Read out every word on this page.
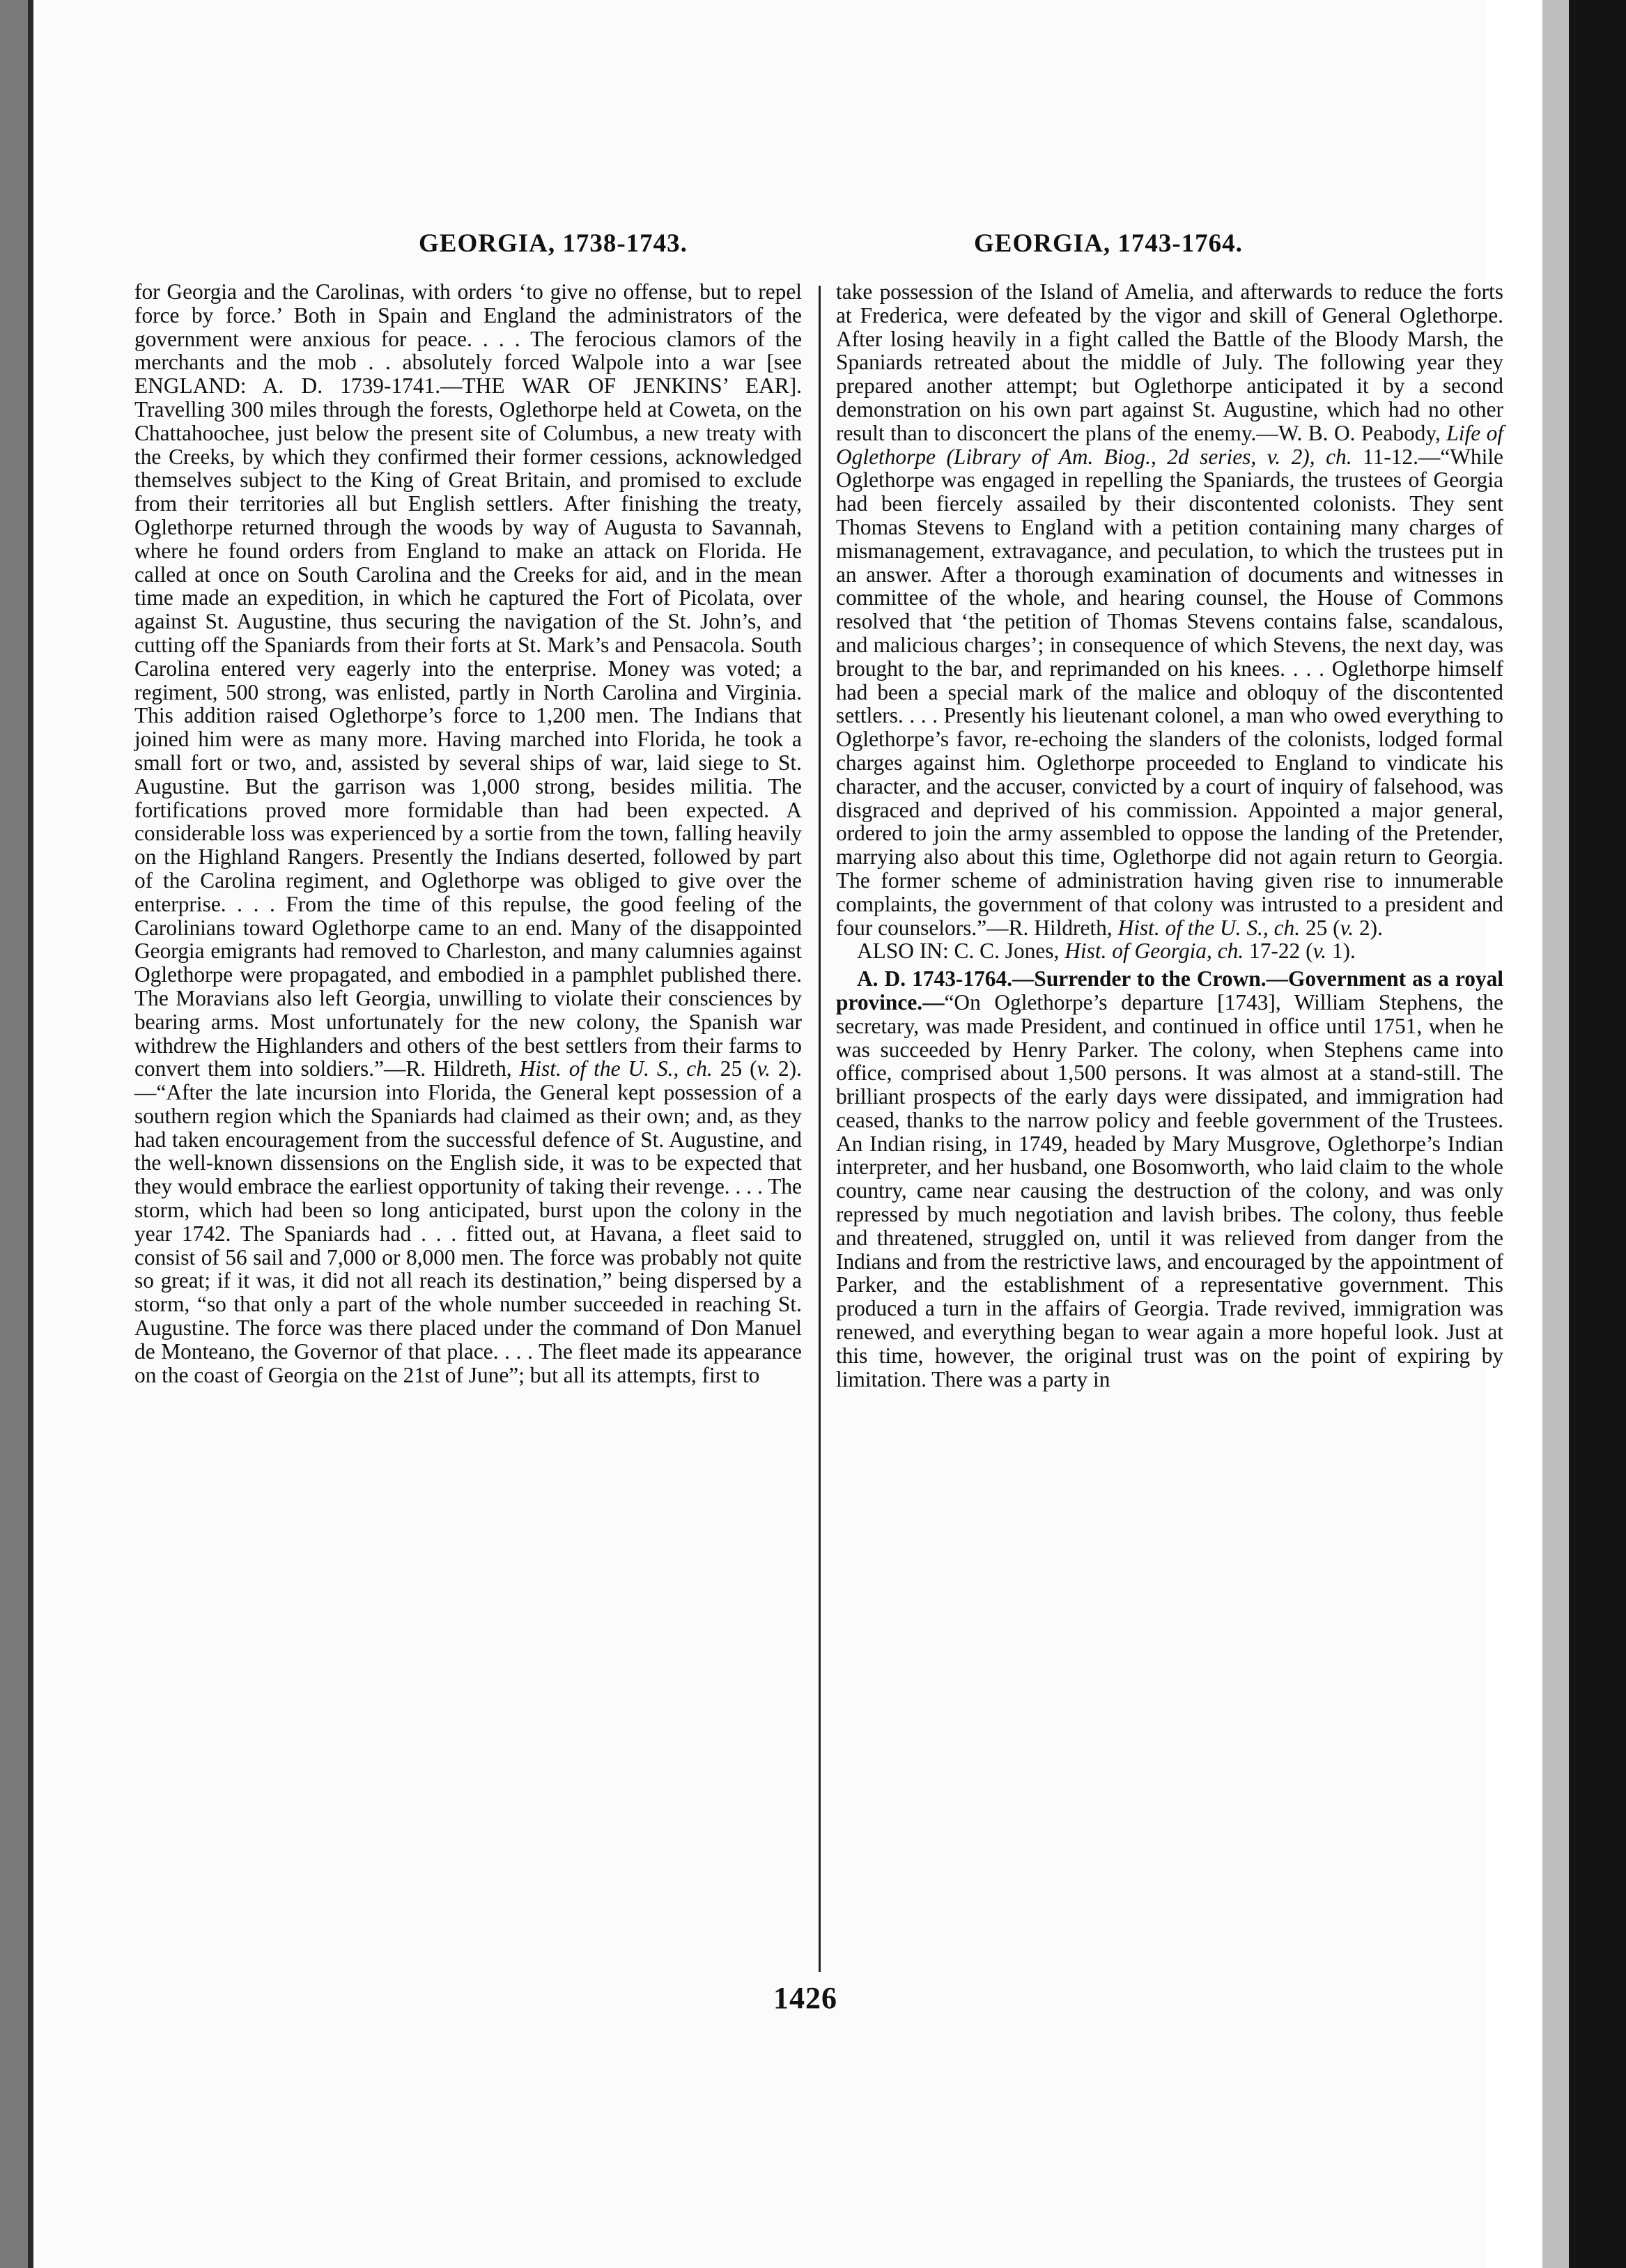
GEORGIA, 1738-1743.	GEORGIA, 1743-1764.

for Georgia and the Carolinas, with orders ‘to give no offense, but to repel force by force.’ Both in Spain and England the administrators of the government were anxious for peace. . . . The ferocious clamors of the merchants and the mob . . absolutely forced Walpole into a war [see ENGLAND: A. D. 1739-1741.—THE WAR OF JENKINS’ EAR]. Travelling 300 miles through the forests, Oglethorpe held at Coweta, on the Chattahoochee, just below the present site of Columbus, a new treaty with the Creeks, by which they confirmed their former cessions, acknowledged themselves subject to the King of Great Britain, and promised to exclude from their territories all but English settlers. After finishing the treaty, Oglethorpe returned through the woods by way of Augusta to Savannah, where he found orders from England to make an attack on Florida. He called at once on South Carolina and the Creeks for aid, and in the mean time made an expedition, in which he captured the Fort of Picolata, over against St. Augustine, thus securing the navigation of the St. John’s, and cutting off the Spaniards from their forts at St. Mark’s and Pensacola. South Carolina entered very eagerly into the enterprise. Money was voted; a regiment, 500 strong, was enlisted, partly in North Carolina and Virginia. This addition raised Oglethorpe’s force to 1,200 men. The Indians that joined him were as many more. Having marched into Florida, he took a small fort or two, and, assisted by several ships of war, laid siege to St. Augustine. But the garrison was 1,000 strong, besides militia. The fortifications proved more formidable than had been expected. A considerable loss was experienced by a sortie from the town, falling heavily on the Highland Rangers. Presently the Indians deserted, followed by part of the Carolina regiment, and Oglethorpe was obliged to give over the enterprise. . . . From the time of this repulse, the good feeling of the Carolinians toward Oglethorpe came to an end. Many of the disappointed Georgia emigrants had removed to Charleston, and many calumnies against Oglethorpe were propagated, and embodied in a pamphlet published there. The Moravians also left Georgia, unwilling to violate their consciences by bearing arms. Most unfortunately for the new colony, the Spanish war withdrew the Highlanders and others of the best settlers from their farms to convert them into soldiers.”—R. Hildreth, Hist. of the U. S., ch. 25 (v. 2).—“After the late incursion into Florida, the General kept possession of a southern region which the Spaniards had claimed as their own; and, as they had taken encouragement from the successful defence of St. Augustine, and the well-known dissensions on the English side, it was to be expected that they would embrace the earliest opportunity of taking their revenge. . . . The storm, which had been so long anticipated, burst upon the colony in the year 1742. The Spaniards had . . . fitted out, at Havana, a fleet said to consist of 56 sail and 7,000 or 8,000 men. The force was probably not quite so great; if it was, it did not all reach its destination,” being dispersed by a storm, “so that only a part of the whole number succeeded in reaching St. Augustine. The force was there placed under the command of Don Manuel de Monteano, the Governor of that place. . . . The fleet made its appearance on the coast of Georgia on the 21st of June”; but all its attempts, first to

take possession of the Island of Amelia, and afterwards to reduce the forts at Frederica, were defeated by the vigor and skill of General Oglethorpe. After losing heavily in a fight called the Battle of the Bloody Marsh, the Spaniards retreated about the middle of July. The following year they prepared another attempt; but Oglethorpe anticipated it by a second demonstration on his own part against St. Augustine, which had no other result than to disconcert the plans of the enemy.—W. B. O. Peabody, Life of Oglethorpe (Library of Am. Biog., 2d series, v. 2), ch. 11-12.—“While Oglethorpe was engaged in repelling the Spaniards, the trustees of Georgia had been fiercely assailed by their discontented colonists. They sent Thomas Stevens to England with a petition containing many charges of mismanagement, extravagance, and peculation, to which the trustees put in an answer. After a thorough examination of documents and witnesses in committee of the whole, and hearing counsel, the House of Commons resolved that ‘the petition of Thomas Stevens contains false, scandalous, and malicious charges’; in consequence of which Stevens, the next day, was brought to the bar, and reprimanded on his knees. . . . Oglethorpe himself had been a special mark of the malice and obloquy of the discontented settlers. . . . Presently his lieutenant colonel, a man who owed everything to Oglethorpe’s favor, re-echoing the slanders of the colonists, lodged formal charges against him. Oglethorpe proceeded to England to vindicate his character, and the accuser, convicted by a court of inquiry of falsehood, was disgraced and deprived of his commission. Appointed a major general, ordered to join the army assembled to oppose the landing of the Pretender, marrying also about this time, Oglethorpe did not again return to Georgia. The former scheme of administration having given rise to innumerable complaints, the government of that colony was intrusted to a president and four counselors.”—R. Hildreth, Hist. of the U. S., ch. 25 (v. 2).

ALSO IN: C. C. Jones, Hist. of Georgia, ch. 17-22 (v. 1).

A. D. 1743-1764.—Surrender to the Crown.—Government as a royal province.—“On Oglethorpe’s departure [1743], William Stephens, the secretary, was made President, and continued in office until 1751, when he was succeeded by Henry Parker. The colony, when Stephens came into office, comprised about 1,500 persons. It was almost at a stand-still. The brilliant prospects of the early days were dissipated, and immigration had ceased, thanks to the narrow policy and feeble government of the Trustees. An Indian rising, in 1749, headed by Mary Musgrove, Oglethorpe’s Indian interpreter, and her husband, one Bosomworth, who laid claim to the whole country, came near causing the destruction of the colony, and was only repressed by much negotiation and lavish bribes. The colony, thus feeble and threatened, struggled on, until it was relieved from danger from the Indians and from the restrictive laws, and encouraged by the appointment of Parker, and the establishment of a representative government. This produced a turn in the affairs of Georgia. Trade revived, immigration was renewed, and everything began to wear again a more hopeful look. Just at this time, however, the original trust was on the point of expiring by limitation. There was a party in

1426
